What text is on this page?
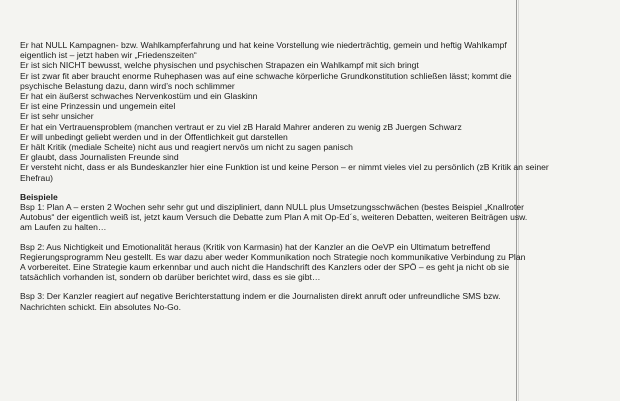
Er hat NULL Kampagnen- bzw. Wahlkampferfahrung und hat keine Vorstellung wie niederträchtig, gemein und heftig Wahlkampf
eigentlich ist – jetzt haben wir „Friedenszeiten“
Er ist sich NICHT bewusst, welche physischen und psychischen Strapazen ein Wahlkampf mit sich bringt
Er ist zwar fit aber braucht enorme Ruhephasen was auf eine schwache körperliche Grundkonstitution schließen lässt; kommt die
psychische Belastung dazu, dann wird’s noch schlimmer
Er hat ein äußerst schwaches Nervenkostüm und ein Glaskinn
Er ist eine Prinzessin und ungemein eitel
Er ist sehr unsicher
Er hat ein Vertrauensproblem (manchen vertraut er zu viel zB Harald Mahrer anderen zu wenig zB Juergen Schwarz
Er will unbedingt geliebt werden und in der Öffentlichkeit gut darstellen
Er hält Kritik (mediale Scheite) nicht aus und reagiert nervös um nicht zu sagen panisch
Er glaubt, dass Journalisten Freunde sind
Er versteht nicht, dass er als Bundeskanzler hier eine Funktion ist und keine Person – er nimmt vieles viel zu persönlich (zB Kritik an seiner
Ehefrau)
Beispiele
Bsp 1: Plan A – ersten 2 Wochen sehr sehr gut und diszipliniert, dann NULL plus Umsetzungsschwächen (bestes Beispiel „Knallroter
Autobus“ der eigentlich weiß ist, jetzt kaum Versuch die Debatte zum Plan A mit Op-Ed´s, weiteren Debatten, weiteren Beiträgen usw.
am Laufen zu halten…
Bsp 2: Aus Nichtigkeit und Emotionalität heraus (Kritik von Karmasin) hat der Kanzler an die OeVP ein Ultimatum betreffend
Regierungsprogramm Neu gestellt. Es war dazu aber weder Kommunikation noch Strategie noch kommunikative Verbindung zu Plan
A vorbereitet. Eine Strategie kaum erkennbar und auch nicht die Handschrift des Kanzlers oder der SPÖ – es geht ja nicht ob sie
tatsächlich vorhanden ist, sondern ob darüber berichtet wird, dass es sie gibt…
Bsp 3: Der Kanzler reagiert auf negative Berichterstattung indem er die Journalisten direkt anruft oder unfreundliche SMS bzw.
Nachrichten schickt. Ein absolutes No-Go.
